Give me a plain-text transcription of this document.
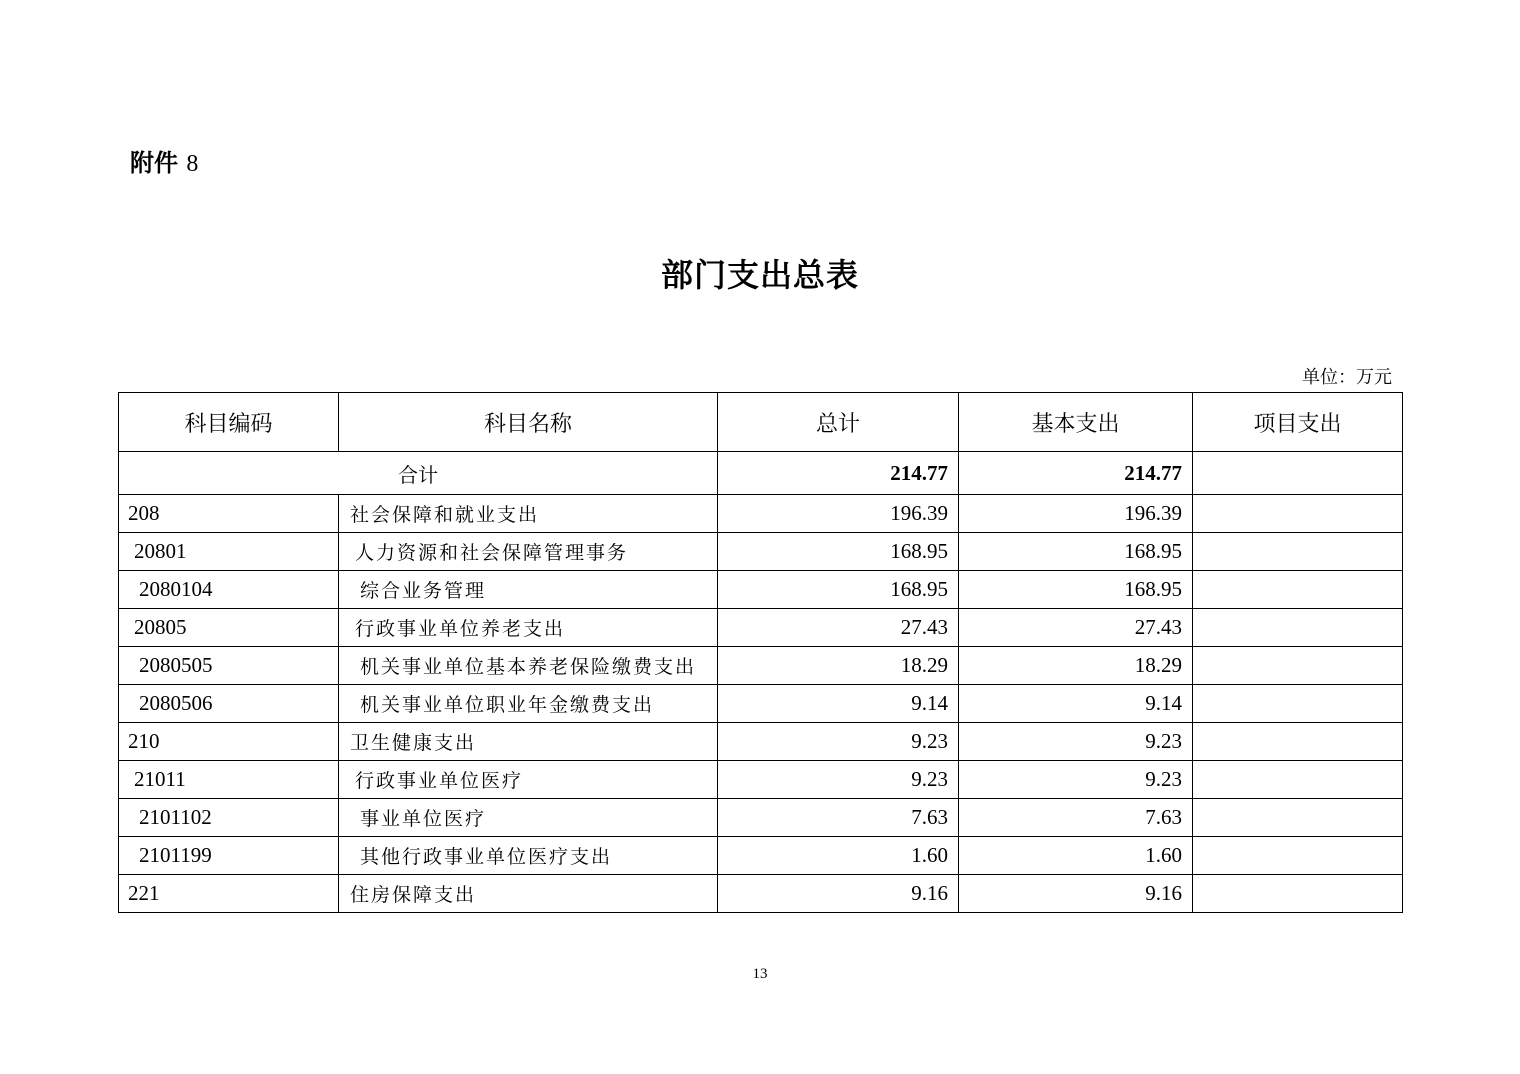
附件 8
部门支出总表
单位：万元
科目编码	科目名称	总计	基本支出	项目支出
合计		214.77	214.77	
208	社会保障和就业支出	196.39	196.39	
20801	人力资源和社会保障管理事务	168.95	168.95	
2080104	综合业务管理	168.95	168.95	
20805	行政事业单位养老支出	27.43	27.43	
2080505	机关事业单位基本养老保险缴费支出	18.29	18.29	
2080506	机关事业单位职业年金缴费支出	9.14	9.14	
210	卫生健康支出	9.23	9.23	
21011	行政事业单位医疗	9.23	9.23	
2101102	事业单位医疗	7.63	7.63	
2101199	其他行政事业单位医疗支出	1.60	1.60	
221	住房保障支出	9.16	9.16	
13
